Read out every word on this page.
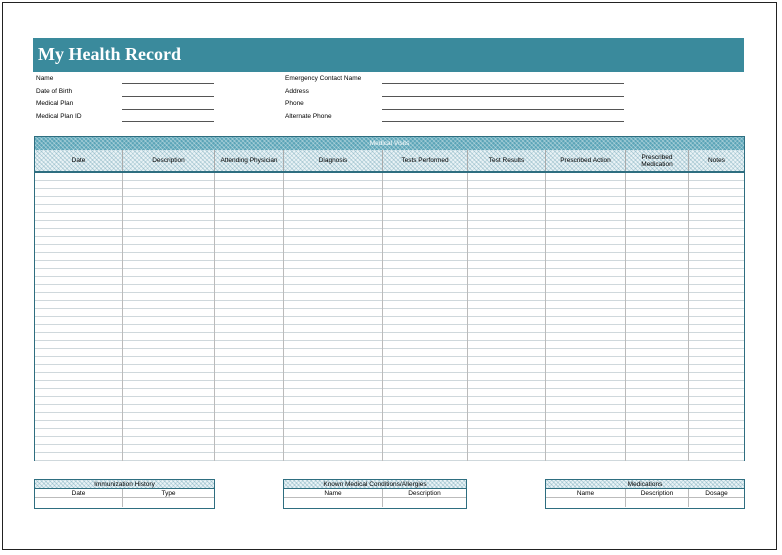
My Health Record
Name
Date of Birth
Medical Plan
Medical Plan ID
Emergency Contact Name
Address
Phone
Alternate Phone
Medical Visits
Date	Description	Attending Physician	Diagnosis	Tests Performed	Test Results	Prescribed Action	Prescribed Medication	Notes
Immunization History
Date	Type
Known Medical Conditions/Allergies
Name	Description
Medications
Name	Description	Dosage
